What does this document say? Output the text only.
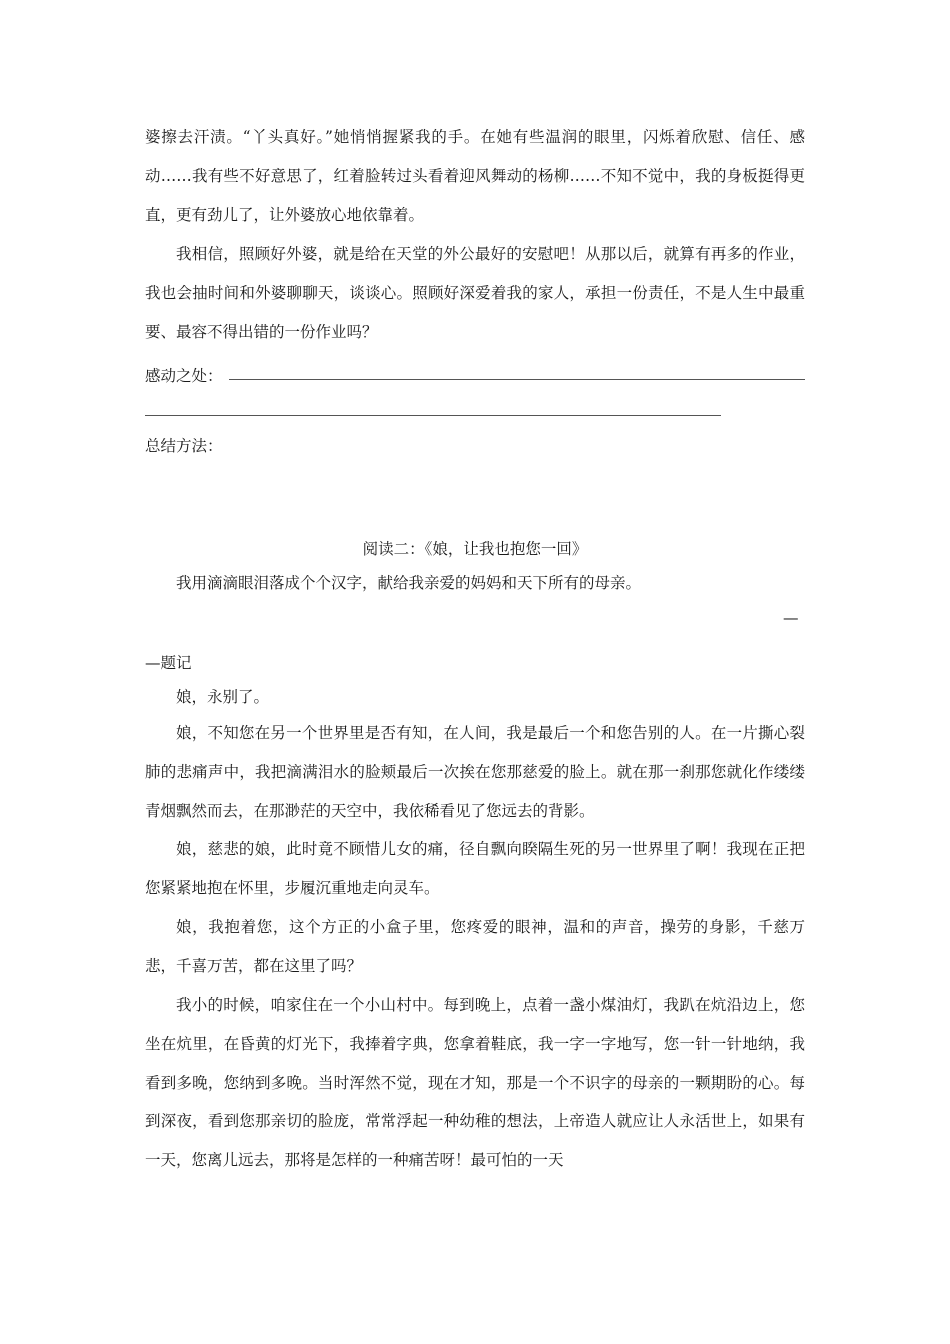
婆擦去汗渍。“丫头真好。”她悄悄握紧我的手。在她有些温润的眼里，闪烁着欣慰、信任、感动……我有些不好意思了，红着脸转过头看着迎风舞动的杨柳……不知不觉中，我的身板挺得更直，更有劲儿了，让外婆放心地依靠着。

我相信，照顾好外婆，就是给在天堂的外公最好的安慰吧！从那以后，就算有再多的作业，我也会抽时间和外婆聊聊天，谈谈心。照顾好深爱着我的家人，承担一份责任，不是人生中最重要、最容不得出错的一份作业吗？

感动之处：
总结方法：
阅读二：《娘，让我也抱您一回》

我用滴滴眼泪落成个个汉字，献给我亲爱的妈妈和天下所有的母亲。

—
—题记

娘，永别了。

娘，不知您在另一个世界里是否有知，在人间，我是最后一个和您告别的人。在一片撕心裂肺的悲痛声中，我把滴满泪水的脸颊最后一次挨在您那慈爱的脸上。就在那一刹那您就化作缕缕青烟飘然而去，在那渺茫的天空中，我依稀看见了您远去的背影。

娘，慈悲的娘，此时竟不顾惜儿女的痛，径自飘向睽隔生死的另一世界里了啊！我现在正把您紧紧地抱在怀里，步履沉重地走向灵车。

娘，我抱着您，这个方正的小盒子里，您疼爱的眼神，温和的声音，操劳的身影，千慈万悲，千喜万苦，都在这里了吗？

我小的时候，咱家住在一个小山村中。每到晚上，点着一盏小煤油灯，我趴在炕沿边上，您坐在炕里，在昏黄的灯光下，我捧着字典，您拿着鞋底，我一字一字地写，您一针一针地纳，我看到多晚，您纳到多晚。当时浑然不觉，现在才知，那是一个不识字的母亲的一颗期盼的心。每到深夜，看到您那亲切的脸庞，常常浮起一种幼稚的想法，上帝造人就应让人永活世上，如果有一天，您离儿远去，那将是怎样的一种痛苦呀！最可怕的一天
